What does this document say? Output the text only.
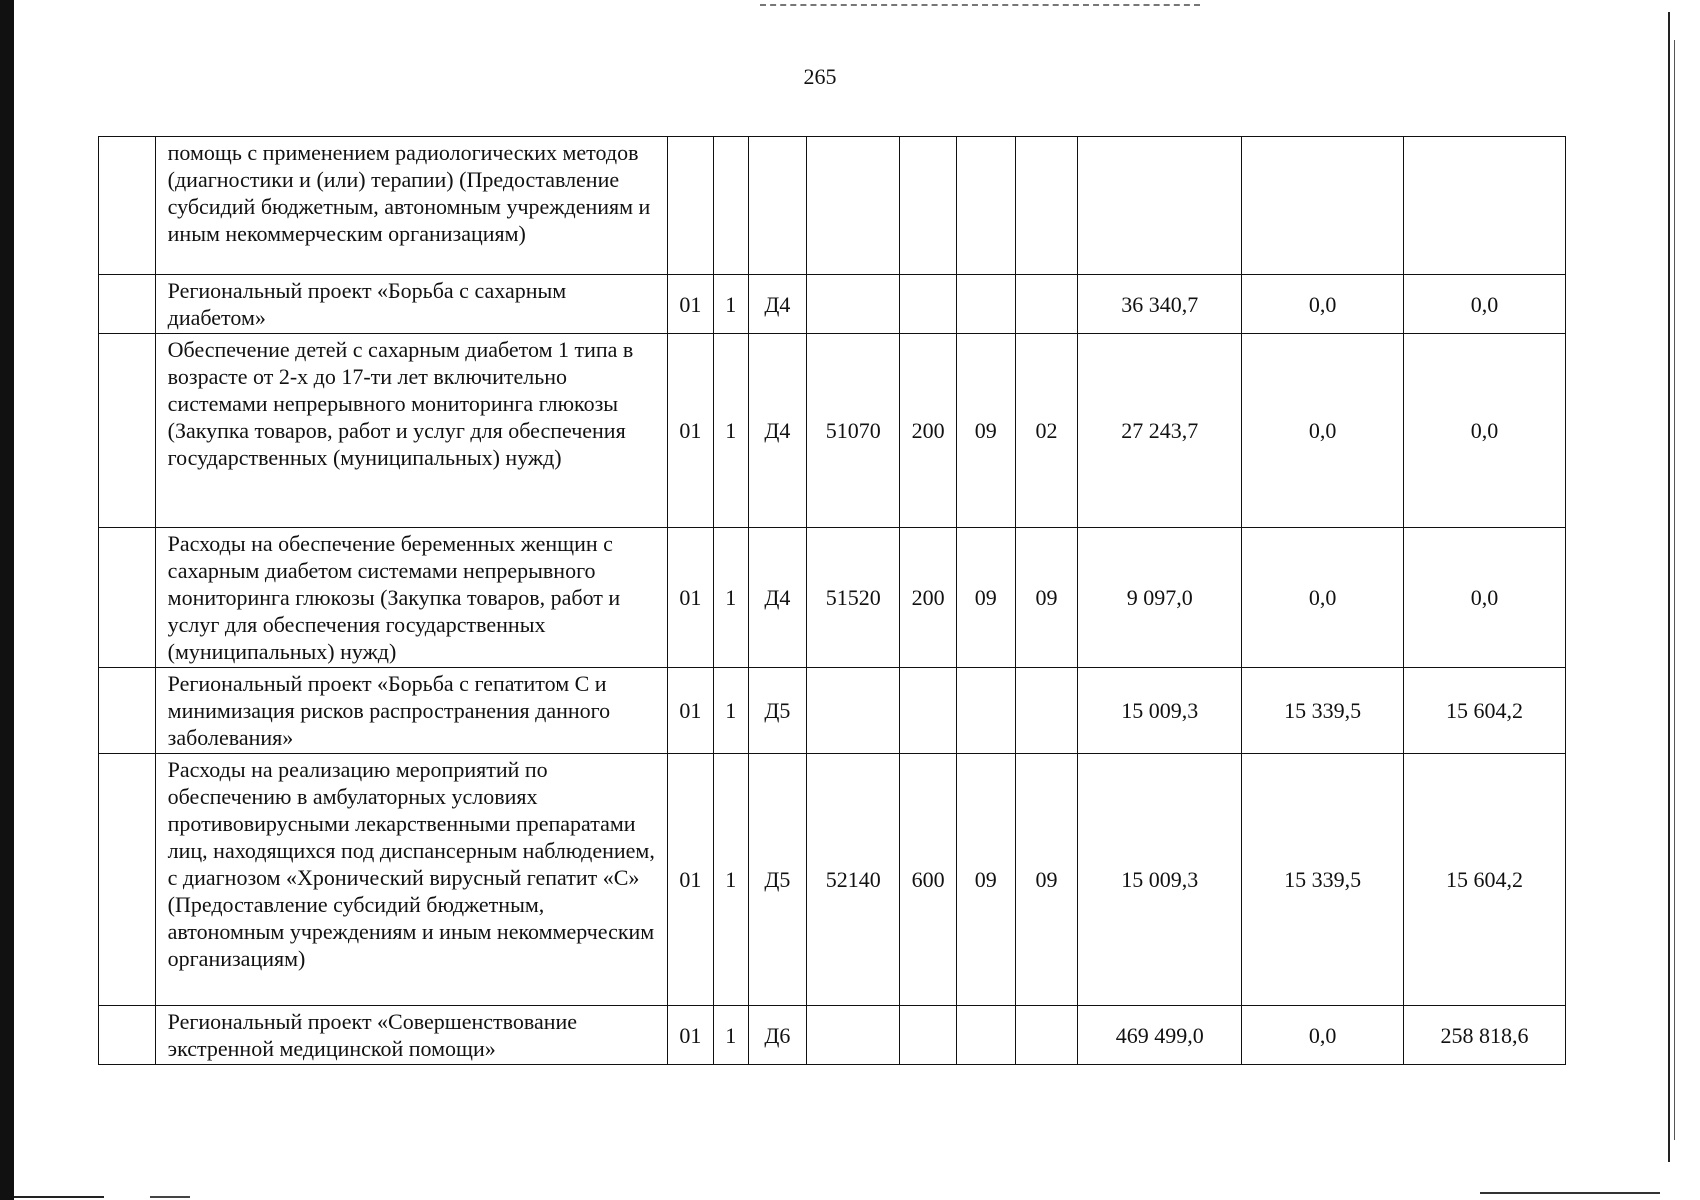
265
	помощь с применением радиологических методов (диагностики и (или) терапии) (Предоставление субсидий бюджетным, автономным учреждениям и иным некоммерческим организациям)										
	Региональный проект «Борьба с сахарным диабетом»	01	1	Д4					36 340,7	0,0	0,0
	Обеспечение детей с сахарным диабетом 1 типа в возрасте от 2-х до 17-ти лет включительно системами непрерывного мониторинга глюкозы (Закупка товаров, работ и услуг для обеспечения государственных (муниципальных) нужд)	01	1	Д4	51070	200	09	02	27 243,7	0,0	0,0
	Расходы на обеспечение беременных женщин с сахарным диабетом системами непрерывного мониторинга глюкозы (Закупка товаров, работ и услуг для обеспечения государственных (муниципальных) нужд)	01	1	Д4	51520	200	09	09	9 097,0	0,0	0,0
	Региональный проект «Борьба с гепатитом С и минимизация рисков распространения данного заболевания»	01	1	Д5					15 009,3	15 339,5	15 604,2
	Расходы на реализацию мероприятий по обеспечению в амбулаторных условиях противовирусными лекарственными препаратами лиц, находящихся под диспансерным наблюдением, с диагнозом «Хронический вирусный гепатит «С» (Предоставление субсидий бюджетным, автономным учреждениям и иным некоммерческим организациям)	01	1	Д5	52140	600	09	09	15 009,3	15 339,5	15 604,2
	Региональный проект «Совершенствование экстренной медицинской помощи»	01	1	Д6					469 499,0	0,0	258 818,6
